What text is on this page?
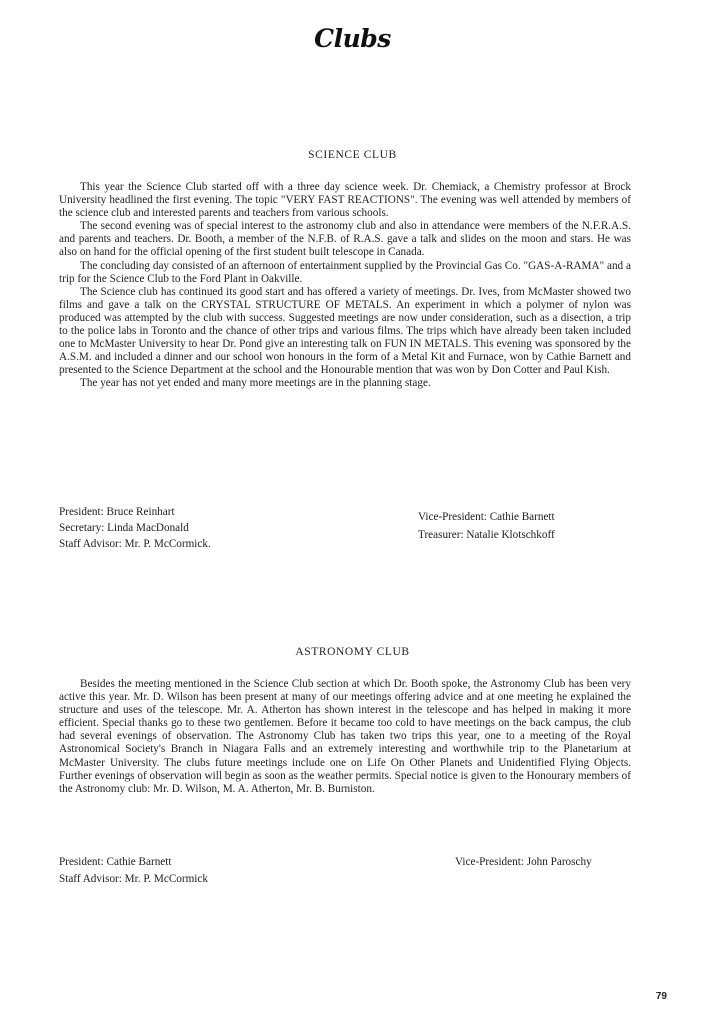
Clubs
SCIENCE CLUB

This year the Science Club started off with a three day science week. Dr. Chemiack, a Chemistry professor at Brock University headlined the first evening. The topic "VERY FAST REACTIONS". The evening was well attended by members of the science club and interested parents and teachers from various schools.

The second evening was of special interest to the astronomy club and also in attendance were members of the N.F.R.A.S. and parents and teachers. Dr. Booth, a member of the N.F.B. of R.A.S. gave a talk and slides on the moon and stars. He was also on hand for the official opening of the first student built telescope in Canada.

The concluding day consisted of an afternoon of entertainment supplied by the Provincial Gas Co. "GAS-A-RAMA" and a trip for the Science Club to the Ford Plant in Oakville.

The Science club has continued its good start and has offered a variety of meetings. Dr. Ives, from McMaster showed two films and gave a talk on the CRYSTAL STRUCTURE OF METALS. An experiment in which a polymer of nylon was produced was attempted by the club with success. Suggested meetings are now under consideration, such as a disection, a trip to the police labs in Toronto and the chance of other trips and various films. The trips which have already been taken included one to McMaster University to hear Dr. Pond give an interesting talk on FUN IN METALS. This evening was sponsored by the A.S.M. and included a dinner and our school won honours in the form of a Metal Kit and Furnace, won by Cathie Barnett and presented to the Science Department at the school and the Honourable mention that was won by Don Cotter and Paul Kish.

The year has not yet ended and many more meetings are in the planning stage.

President: Bruce Reinhart
Secretary: Linda MacDonald
Staff Advisor: Mr. P. McCormick.
Vice-President: Cathie Barnett
Treasurer: Natalie Klotschkoff
ASTRONOMY CLUB

Besides the meeting mentioned in the Science Club section at which Dr. Booth spoke, the Astronomy Club has been very active this year. Mr. D. Wilson has been present at many of our meetings offering advice and at one meeting he explained the structure and uses of the telescope. Mr. A. Atherton has shown interest in the telescope and has helped in making it more efficient. Special thanks go to these two gentlemen. Before it became too cold to have meetings on the back campus, the club had several evenings of observation. The Astronomy Club has taken two trips this year, one to a meeting of the Royal Astronomical Society's Branch in Niagara Falls and an extremely interesting and worthwhile trip to the Planetarium at McMaster University. The clubs future meetings include one on Life On Other Planets and Unidentified Flying Objects. Further evenings of observation will begin as soon as the weather permits. Special notice is given to the Honourary members of the Astronomy club: Mr. D. Wilson, M. A. Atherton, Mr. B. Burniston.

President: Cathie Barnett
Staff Advisor: Mr. P. McCormick
Vice-President: John Paroschy
79
